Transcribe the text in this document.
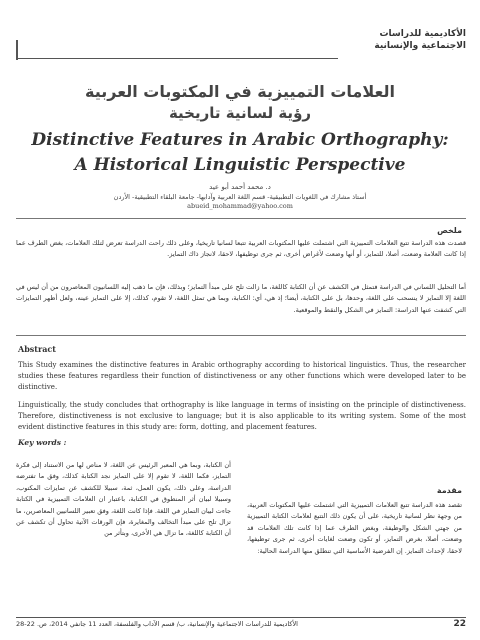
الأكاديمية للدراسات
الاجتماعية والإنسانية
العلامات التمييزية في المكتوبات العربية
رؤية لسانية تاريخية
Distinctive Features in Arabic Orthography:
A Historical Linguistic Perspective
د. محمد أحمد أبو عيد
أستاذ مشارك في اللغويات التطبيقية- قسم اللغة العربية وآدابها- جامعة البلقاء التطبيقية- الأردن
abueid_mohammad@yahoo.com
ملخص
قصدت هذه الدراسة تتبع العلامات التمييزية التي اشتملت عليها المكتوبات العربية تتبعا لسانيا تاريخيا، وعلى ذلك راحت الدراسة تعرض لتلك العلامات، بغض الطرف عما إذا كانت العلامة وضعت، أصلا، للتمايز، أو أنها وضعت لأغراض أخرى، ثم جرى توظيفها، لاحقا، لانجاز ذاك التمايز.
أما التحليل اللساني في الدراسة فتمثل في الكشف عن أن الكتابة كاللغة، ما زالت تلح على مبدأ التمايز؛ وبذلك، فإن ما ذهب إليه اللسانيون المعاصرون من أن ليس في اللغة إلا التمايز لا ينسحب على اللغة، وحدها، بل على الكتابة، أيضا؛ إذ هي، أي: الكتابة، وبما هي تمثل اللغة، لا تقوم، كذلك، إلا على التمايز عينه، ولعل أظهر التمايزات التي كشفت عنها الدراسة: التمايز في الشكل والنقط والموقعية.
Abstract
This Study examines the distinctive features in Arabic orthography according to historical linguistics. Thus, the researcher studies these features regardless their function of distinctiveness or any other functions which were developed later to be distinctive.
Linguistically, the study concludes that orthography is like language in terms of insisting on the principle of distinctiveness. Therefore, distinctiveness is not exclusive to language; but it is also applicable to its writing system. Some of the most evident distinctive features in this study are: form, dotting, and placement features.
Key words :
مقدمة
تقصد هذه الدراسة تتبع العلامات التمييزية التي اشتملت عليها المكتوبات العربية، من وجهة نظر لسانية تاريخية، على أن يكون ذلك التتبع لعلامات الكتابة التمييزية من جهتي الشكل والوظيفة، وبغض الطرف عما إذا كانت تلك العلامات قد وضعت، أصلا، بغرض التمايز، أو تكون وضعت لغايات أخرى، ثم جرى توظيفها، لاحقا، لإحداث التمايز. إن الفرضية الأساسية التي تنطلق منها الدراسة الحالية:
أن الكتابة، وبما هي المعبر الرئيس عن اللغة، لا مناص لها من الاستناد إلى فكرة التمايز، فكما اللغة، لا تقوم إلا على التمايز نجد الكتابة كذلك، وفق ما تفترضه الدراسة، وعلى ذلك، يكون العمل، ثمة، سبيلا للكشف عن تمايزات المكتوب، وسبيلا لبيان أثر المنطوق في الكتابة، باعتبار ان العلامات التمييزية في الكتابة جاءت لبيان التمايز في اللغة. فإذا كانت اللغة، وفق تعبير اللسانيين المعاصرين، ما تزال تلح على مبدأ التخالف والمغايرة، فإن الورقات الآتية تحاول أن تكشف عن أن الكتابة كاللغة، ما تزال هي الأخرى، وبتأثر من
الأكاديمية للدراسات الاجتماعية والإنسانية، ب/ قسم الآداب والفلسفة، العدد 11 جانفي 2014، ص. 22-28	22
